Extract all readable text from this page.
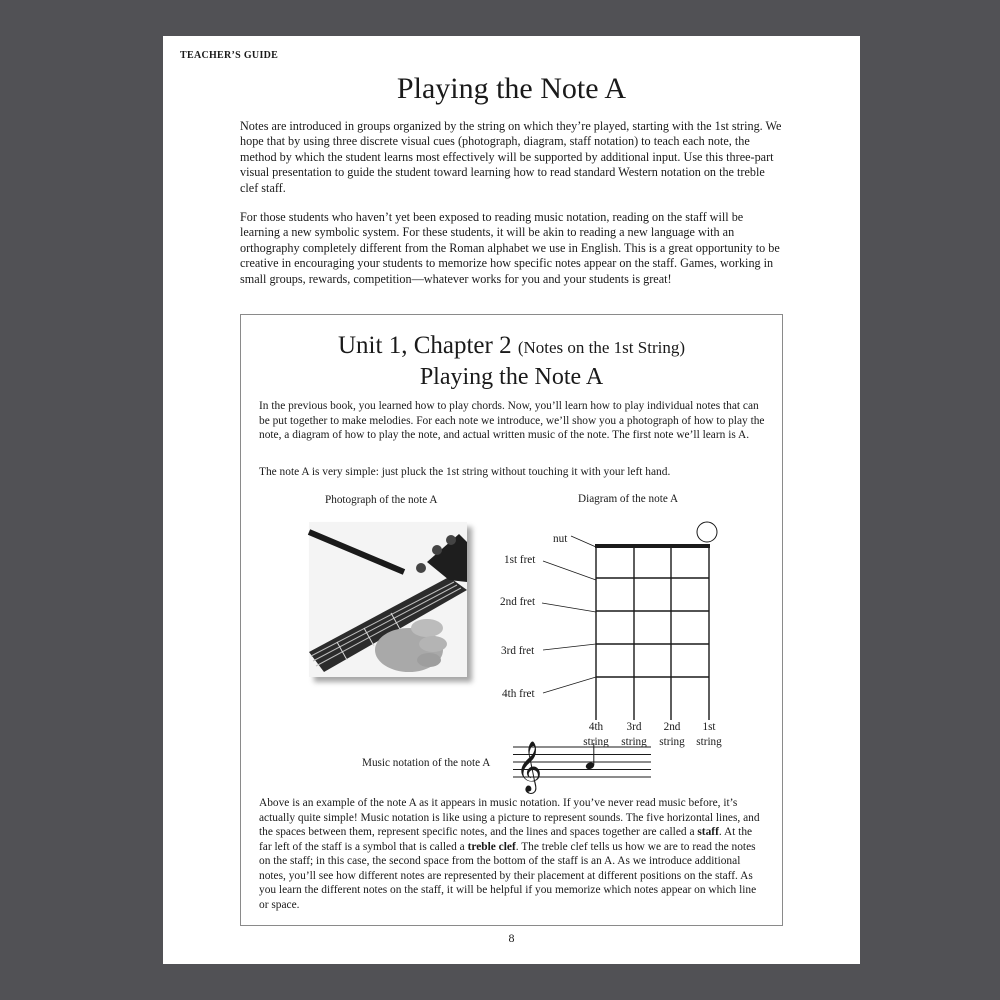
TEACHER’S GUIDE
Playing the Note A

Notes are introduced in groups organized by the string on which they’re played, starting with the 1st string. We hope that by using three discrete visual cues (photograph, diagram, staff notation) to teach each note, the method by which the student learns most effectively will be supported by additional input. Use this three-part visual presentation to guide the student toward learning how to read standard Western notation on the treble clef staff.

For those students who haven’t yet been exposed to reading music notation, reading on the staff will be learning a new symbolic system. For these students, it will be akin to reading a new language with an orthography completely different from the Roman alphabet we use in English. This is a great opportunity to be creative in encouraging your students to memorize how specific notes appear on the staff. Games, working in small groups, rewards, competition—whatever works for you and your students is great!

Unit 1, Chapter 2 (Notes on the 1st String)
Playing the Note A

In the previous book, you learned how to play chords. Now, you’ll learn how to play individual notes that can be put together to make melodies. For each note we introduce, we’ll show you a photograph of how to play the note, a diagram of how to play the note, and actual written music of the note. The first note we’ll learn is A.

The note A is very simple: just pluck the 1st string without touching it with your left hand.

Photograph of the note A	Diagram of the note A
nut
1st fret
2nd fret
3rd fret
4th fret
4th
string
3rd
string
2nd
string
1st
string
Music notation of the note A 𝄞

Above is an example of the note A as it appears in music notation. If you’ve never read music before, it’s actually quite simple! Music notation is like using a picture to represent sounds. The five horizontal lines, and the spaces between them, represent specific notes, and the lines and spaces together are called a staff. At the far left of the staff is a symbol that is called a treble clef. The treble clef tells us how we are to read the notes on the staff; in this case, the second space from the bottom of the staff is an A. As we introduce additional notes, you’ll see how different notes are represented by their placement at different positions on the staff. As you learn the different notes on the staff, it will be helpful if you memorize which notes appear on which line or space.

8
